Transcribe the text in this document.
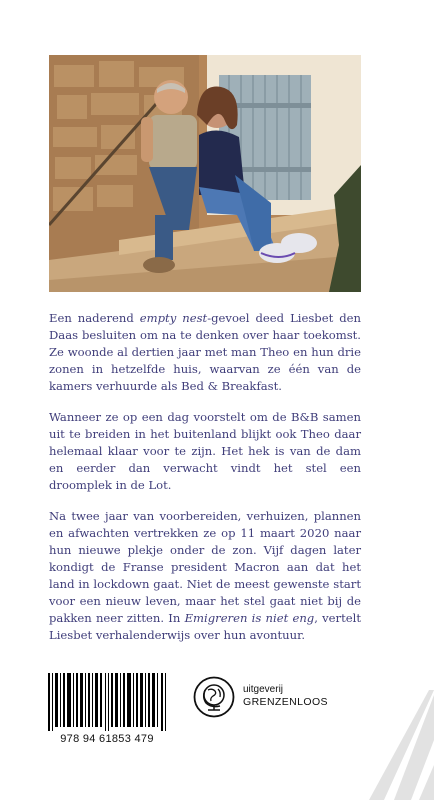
Een naderend empty nest-gevoel deed Liesbet den Daas besluiten om na te denken over haar toekomst. Ze woonde al dertien jaar met man Theo en hun drie zonen in hetzelfde huis, waarvan ze één van de kamers verhuurde als Bed & Breakfast.

Wanneer ze op een dag voorstelt om de B&B samen uit te breiden in het buitenland blijkt ook Theo daar helemaal klaar voor te zijn. Het hek is van de dam en eerder dan verwacht vindt het stel een droomplek in de Lot.

Na twee jaar van voorbereiden, verhuizen, plannen en afwachten vertrekken ze op 11 maart 2020 naar hun nieuwe plekje onder de zon. Vijf dagen later kondigt de Franse president Macron aan dat het land in lockdown gaat. Niet de meest gewenste start voor een nieuw leven, maar het stel gaat niet bij de pakken neer zitten. In Emigreren is niet eng, vertelt Liesbet verhalenderwijs over hun avontuur.

978 94 61853 479
uitgeverij
GRENZENLOOS
